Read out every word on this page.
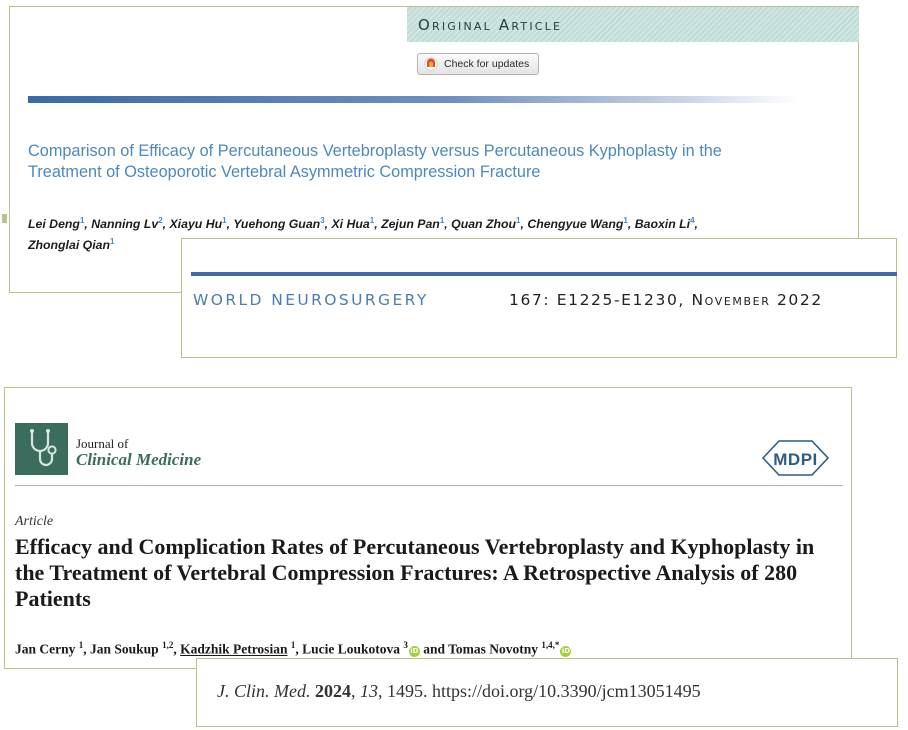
Original Article
Check for updates
Comparison of Efficacy of Percutaneous Vertebroplasty versus Percutaneous Kyphoplasty in the Treatment of Osteoporotic Vertebral Asymmetric Compression Fracture
Lei Deng$^1$, Nanning Lv$^2$, Xiayu Hu$^1$, Yuehong Guan$^3$, Xi Hua$^1$, Zejun Pan$^1$, Quan Zhou$^1$, Chengyue Wang$^1$, Baoxin Li$^4$,
Zhonglai Qian$^1$
WORLD NEUROSURGERY	167: E1225-E1230, November 2022
Journal of
Clinical Medicine	MDPI
Article
Efficacy and Complication Rates of Percutaneous Vertebroplasty and Kyphoplasty in the Treatment of Vertebral Compression Fractures: A Retrospective Analysis of 280 Patients
Jan Cerny $^1$, Jan Soukup $^{1,2}$, Kadzhik Petrosian $^1$, Lucie Loukotova $^3$iD and Tomas Novotny $^{1,4,*}$iD
J. Clin. Med. 2024, 13, 1495. https://doi.org/10.3390/jcm13051495
